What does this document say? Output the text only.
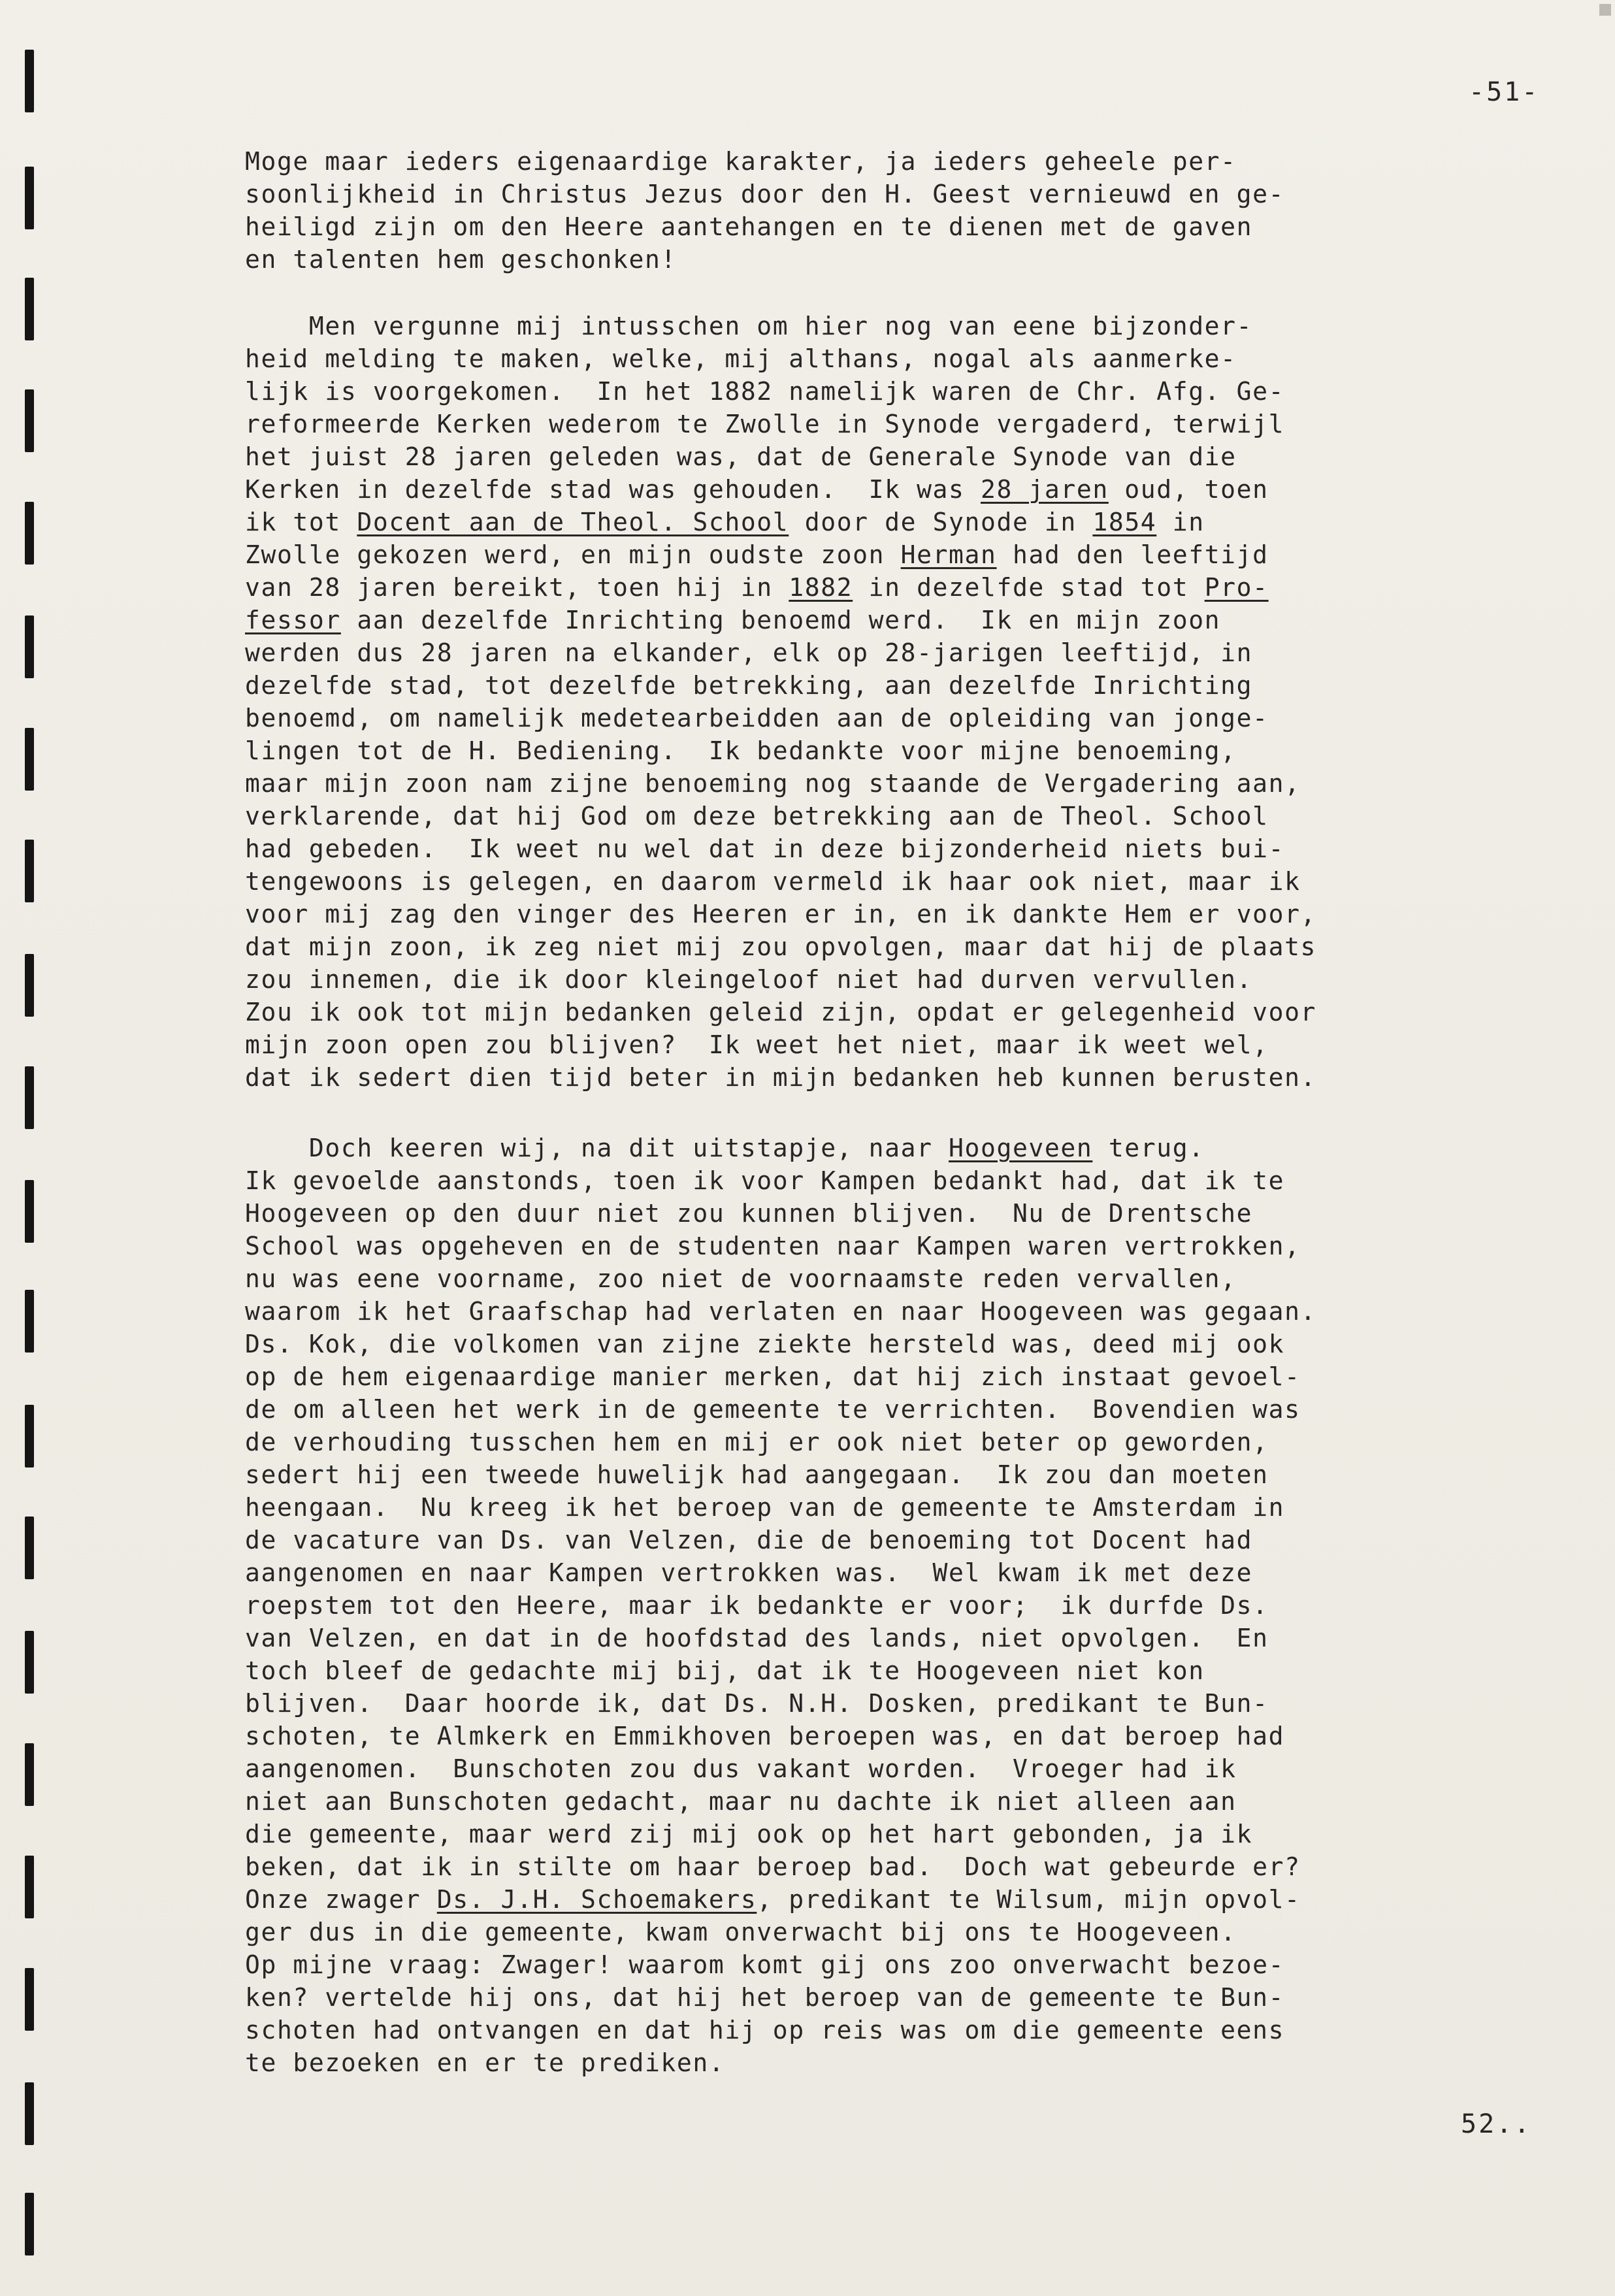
-51-
Moge maar ieders eigenaardige karakter, ja ieders geheele per-
soonlijkheid in Christus Jezus door den H. Geest vernieuwd en ge-
heiligd zijn om den Heere aantehangen en te dienen met de gaven
en talenten hem geschonken!
Men vergunne mij intusschen om hier nog van eene bijzonder-
heid melding te maken, welke, mij althans, nogal als aanmerke-
lijk is voorgekomen.  In het 1882 namelijk waren de Chr. Afg. Ge-
reformeerde Kerken wederom te Zwolle in Synode vergaderd, terwijl
het juist 28 jaren geleden was, dat de Generale Synode van die
Kerken in dezelfde stad was gehouden.  Ik was 28 jaren oud, toen
ik tot Docent aan de Theol. School door de Synode in 1854 in
Zwolle gekozen werd, en mijn oudste zoon Herman had den leeftijd
van 28 jaren bereikt, toen hij in 1882 in dezelfde stad tot Pro-
fessor aan dezelfde Inrichting benoemd werd.  Ik en mijn zoon
werden dus 28 jaren na elkander, elk op 28-jarigen leeftijd, in
dezelfde stad, tot dezelfde betrekking, aan dezelfde Inrichting
benoemd, om namelijk medetearbeidden aan de opleiding van jonge-
lingen tot de H. Bediening.  Ik bedankte voor mijne benoeming,
maar mijn zoon nam zijne benoeming nog staande de Vergadering aan,
verklarende, dat hij God om deze betrekking aan de Theol. School
had gebeden.  Ik weet nu wel dat in deze bijzonderheid niets bui-
tengewoons is gelegen, en daarom vermeld ik haar ook niet, maar ik
voor mij zag den vinger des Heeren er in, en ik dankte Hem er voor,
dat mijn zoon, ik zeg niet mij zou opvolgen, maar dat hij de plaats
zou innemen, die ik door kleingeloof niet had durven vervullen.
Zou ik ook tot mijn bedanken geleid zijn, opdat er gelegenheid voor
mijn zoon open zou blijven?  Ik weet het niet, maar ik weet wel,
dat ik sedert dien tijd beter in mijn bedanken heb kunnen berusten.
Doch keeren wij, na dit uitstapje, naar Hoogeveen terug.
Ik gevoelde aanstonds, toen ik voor Kampen bedankt had, dat ik te
Hoogeveen op den duur niet zou kunnen blijven.  Nu de Drentsche
School was opgeheven en de studenten naar Kampen waren vertrokken,
nu was eene voorname, zoo niet de voornaamste reden vervallen,
waarom ik het Graafschap had verlaten en naar Hoogeveen was gegaan.
Ds. Kok, die volkomen van zijne ziekte hersteld was, deed mij ook
op de hem eigenaardige manier merken, dat hij zich instaat gevoel-
de om alleen het werk in de gemeente te verrichten.  Bovendien was
de verhouding tusschen hem en mij er ook niet beter op geworden,
sedert hij een tweede huwelijk had aangegaan.  Ik zou dan moeten
heengaan.  Nu kreeg ik het beroep van de gemeente te Amsterdam in
de vacature van Ds. van Velzen, die de benoeming tot Docent had
aangenomen en naar Kampen vertrokken was.  Wel kwam ik met deze
roepstem tot den Heere, maar ik bedankte er voor;  ik durfde Ds.
van Velzen, en dat in de hoofdstad des lands, niet opvolgen.  En
toch bleef de gedachte mij bij, dat ik te Hoogeveen niet kon
blijven.  Daar hoorde ik, dat Ds. N.H. Dosken, predikant te Bun-
schoten, te Almkerk en Emmikhoven beroepen was, en dat beroep had
aangenomen.  Bunschoten zou dus vakant worden.  Vroeger had ik
niet aan Bunschoten gedacht, maar nu dachte ik niet alleen aan
die gemeente, maar werd zij mij ook op het hart gebonden, ja ik
beken, dat ik in stilte om haar beroep bad.  Doch wat gebeurde er?
Onze zwager Ds. J.H. Schoemakers, predikant te Wilsum, mijn opvol-
ger dus in die gemeente, kwam onverwacht bij ons te Hoogeveen.
Op mijne vraag: Zwager! waarom komt gij ons zoo onverwacht bezoe-
ken? vertelde hij ons, dat hij het beroep van de gemeente te Bun-
schoten had ontvangen en dat hij op reis was om die gemeente eens
te bezoeken en er te prediken.
52..
